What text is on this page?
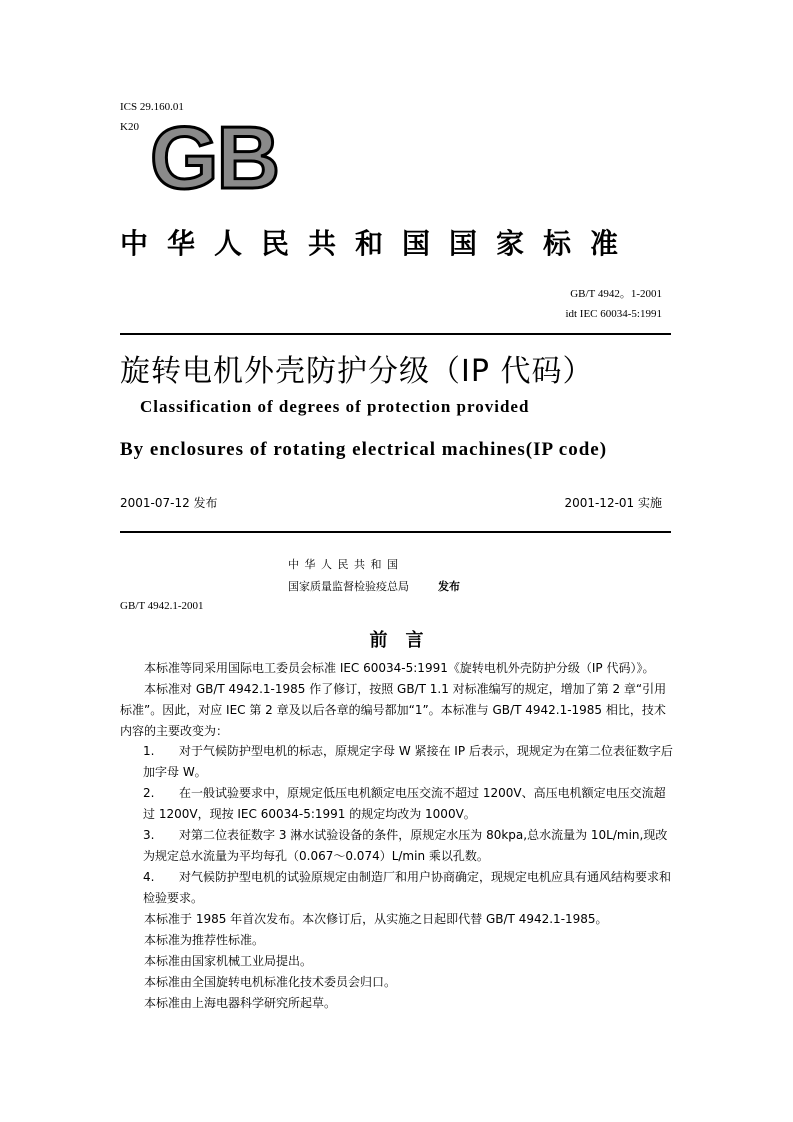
ICS 29.160.01
K20 GB
中华人民共和国国家标准
GB/T 4942。1-2001
idt IEC 60034-5:1991
旋转电机外壳防护分级（IP 代码）
Classification of degrees of protection provided
By enclosures of rotating electrical machines(IP code)
2001-07-12 发布	2001-12-01 实施
中 华 人 民 共 和 国
国家质量监督检验疫总局	发布
GB/T 4942.1-2001
前　言
本标准等同采用国际电工委员会标准 IEC 60034-5:1991《旋转电机外壳防护分级（IP 代码）》。
本标准对 GB/T 4942.1-1985 作了修订，按照 GB/T 1.1 对标准编写的规定，增加了第 2 章“引用标准”。因此，对应 IEC 第 2 章及以后各章的编号都加“1”。本标准与 GB/T 4942.1-1985 相比，技术内容的主要改变为：
1. 对于气候防护型电机的标志，原规定字母 W 紧接在 IP 后表示，现规定为在第二位表征数字后加字母 W。
2. 在一般试验要求中，原规定低压电机额定电压交流不超过 1200V、高压电机额定电压交流超过 1200V，现按 IEC 60034-5:1991 的规定均改为 1000V。
3. 对第二位表征数字 3 淋水试验设备的条件，原规定水压为 80kpa,总水流量为 10L/min,现改为规定总水流量为平均每孔（0.067～0.074）L/min 乘以孔数。
4. 对气候防护型电机的试验原规定由制造厂和用户协商确定，现规定电机应具有通风结构要求和检验要求。
本标准于 1985 年首次发布。本次修订后，从实施之日起即代替 GB/T 4942.1-1985。
本标准为推荐性标准。
本标准由国家机械工业局提出。
本标准由全国旋转电机标准化技术委员会归口。
本标准由上海电器科学研究所起草。
